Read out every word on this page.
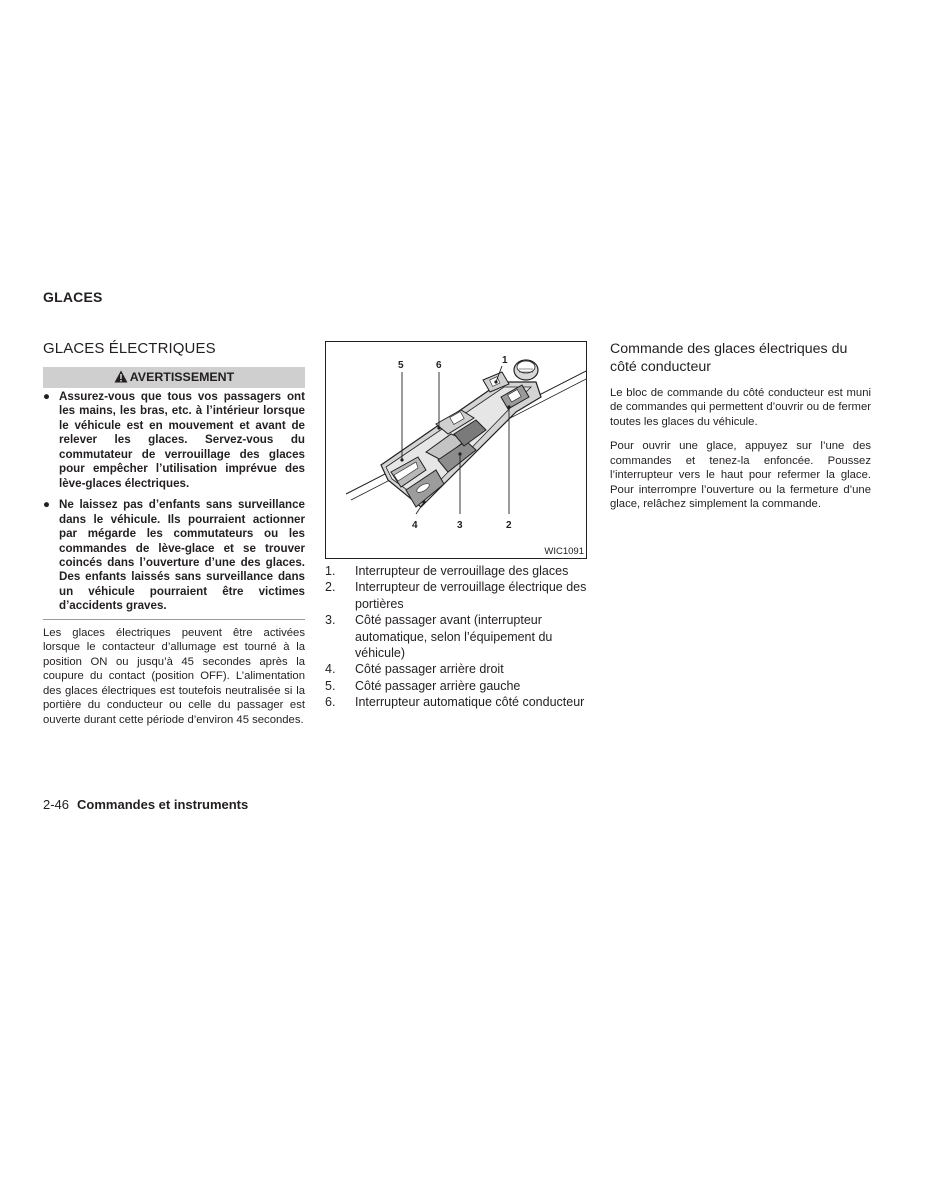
GLACES
GLACES ÉLECTRIQUES
AVERTISSEMENT
● Assurez-vous que tous vos passagers ont les mains, les bras, etc. à l’intérieur lorsque le véhicule est en mouvement et avant de relever les glaces. Servez-vous du commutateur de verrouillage des glaces pour empêcher l’utilisation imprévue des lève-glaces électriques.
● Ne laissez pas d’enfants sans surveillance dans le véhicule. Ils pourraient actionner par mégarde les commutateurs ou les commandes de lève-glace et se trouver coincés dans l’ouverture d’une des glaces. Des enfants laissés sans surveillance dans un véhicule pourraient être victimes d’accidents graves.

Les glaces électriques peuvent être activées lorsque le contacteur d’allumage est tourné à la position ON ou jusqu’à 45 secondes après la coupure du contact (position OFF). L’alimentation des glaces électriques est toutefois neutralisée si la portière du conducteur ou celle du passager est ouverte durant cette période d’environ 45 secondes.

1
2
3
4
5	6
WIC1091
1.	Interrupteur de verrouillage des glaces
2.	Interrupteur de verrouillage électrique des portières
3.	Côté passager avant (interrupteur automatique, selon l’équipement du véhicule)
4.	Côté passager arrière droit
5.	Côté passager arrière gauche
6.	Interrupteur automatique côté conducteur
Commande des glaces électriques du côté conducteur

Le bloc de commande du côté conducteur est muni de commandes qui permettent d’ouvrir ou de fermer toutes les glaces du véhicule.

Pour ouvrir une glace, appuyez sur l’une des commandes et tenez-la enfoncée. Poussez l’interrupteur vers le haut pour refermer la glace. Pour interrompre l’ouverture ou la fermeture d’une glace, relâchez simplement la commande.

2-46 Commandes et instruments
